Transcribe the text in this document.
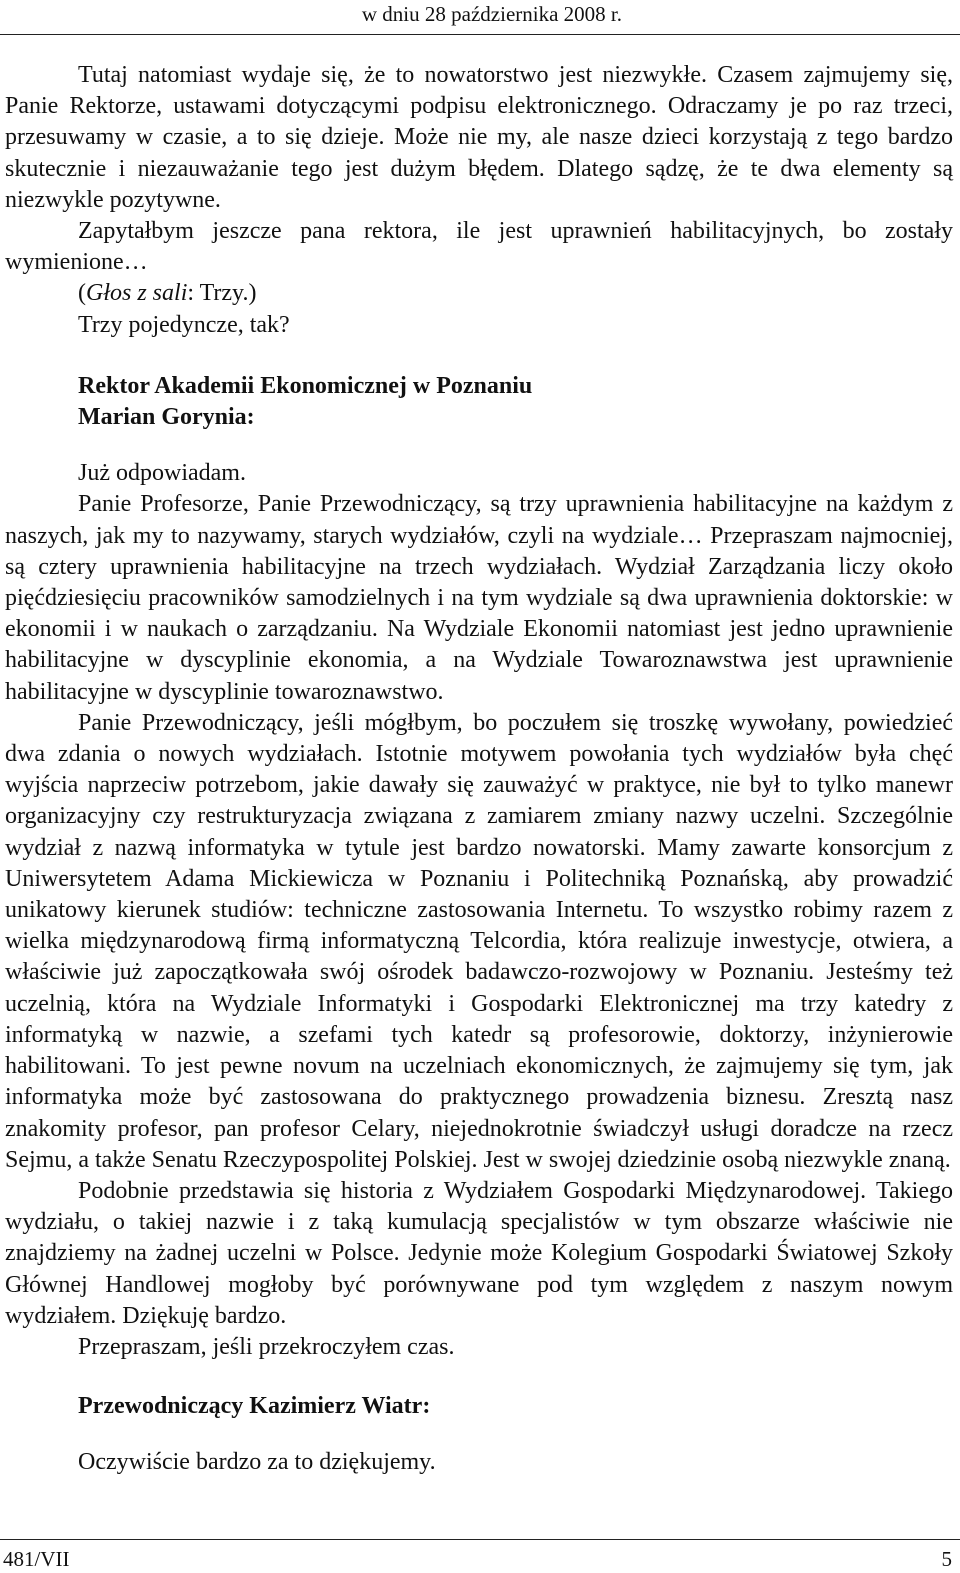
w dniu 28 października 2008 r.

Tutaj natomiast wydaje się, że to nowatorstwo jest niezwykłe. Czasem zajmujemy się, Panie Rektorze, ustawami dotyczącymi podpisu elektronicznego. Odraczamy je po raz trzeci, przesuwamy w czasie, a to się dzieje. Może nie my, ale nasze dzieci korzystają z tego bardzo skutecznie i niezauważanie tego jest dużym błędem. Dlatego sądzę, że te dwa elementy są niezwykle pozytywne.

Zapytałbym jeszcze pana rektora, ile jest uprawnień habilitacyjnych, bo zostały wymienione…

(Głos z sali: Trzy.)
Trzy pojedyncze, tak?
Rektor Akademii Ekonomicznej w Poznaniu
Marian Gorynia:
Już odpowiadam.

Panie Profesorze, Panie Przewodniczący, są trzy uprawnienia habilitacyjne na każdym z naszych, jak my to nazywamy, starych wydziałów, czyli na wydziale… Przepraszam najmocniej, są cztery uprawnienia habilitacyjne na trzech wydziałach. Wydział Zarządzania liczy około pięćdziesięciu pracowników samodzielnych i na tym wydziale są dwa uprawnienia doktorskie: w ekonomii i w naukach o zarządzaniu. Na Wydziale Ekonomii natomiast jest jedno uprawnienie habilitacyjne w dyscyplinie ekonomia, a na Wydziale Towaroznawstwa jest uprawnienie habilitacyjne w dyscyplinie towaroznawstwo.

Panie Przewodniczący, jeśli mógłbym, bo poczułem się troszkę wywołany, powiedzieć dwa zdania o nowych wydziałach. Istotnie motywem powołania tych wydziałów była chęć wyjścia naprzeciw potrzebom, jakie dawały się zauważyć w praktyce, nie był to tylko manewr organizacyjny czy restrukturyzacja związana z zamiarem zmiany nazwy uczelni. Szczególnie wydział z nazwą informatyka w tytule jest bardzo nowatorski. Mamy zawarte konsorcjum z Uniwersytetem Adama Mickiewicza w Poznaniu i Politechniką Poznańską, aby prowadzić unikatowy kierunek studiów: techniczne zastosowania Internetu. To wszystko robimy razem z wielka międzynarodową firmą informatyczną Telcordia, która realizuje inwestycje, otwiera, a właściwie już zapoczątkowała swój ośrodek badawczo-rozwojowy w Poznaniu. Jesteśmy też uczelnią, która na Wydziale Informatyki i Gospodarki Elektronicznej ma trzy katedry z informatyką w nazwie, a szefami tych katedr są profesorowie, doktorzy, inżynierowie habilitowani. To jest pewne novum na uczelniach ekonomicznych, że zajmujemy się tym, jak informatyka może być zastosowana do praktycznego prowadzenia biznesu. Zresztą nasz znakomity profesor, pan profesor Celary, niejednokrotnie świadczył usługi doradcze na rzecz Sejmu, a także Senatu Rzeczypospolitej Polskiej. Jest w swojej dziedzinie osobą niezwykle znaną.

Podobnie przedstawia się historia z Wydziałem Gospodarki Międzynarodowej. Takiego wydziału, o takiej nazwie i z taką kumulacją specjalistów w tym obszarze właściwie nie znajdziemy na żadnej uczelni w Polsce. Jedynie może Kolegium Gospodarki Światowej Szkoły Głównej Handlowej mogłoby być porównywane pod tym względem z naszym nowym wydziałem. Dziękuję bardzo.

Przepraszam, jeśli przekroczyłem czas.

Przewodniczący Kazimierz Wiatr:
Oczywiście bardzo za to dziękujemy.
481/VII	5
